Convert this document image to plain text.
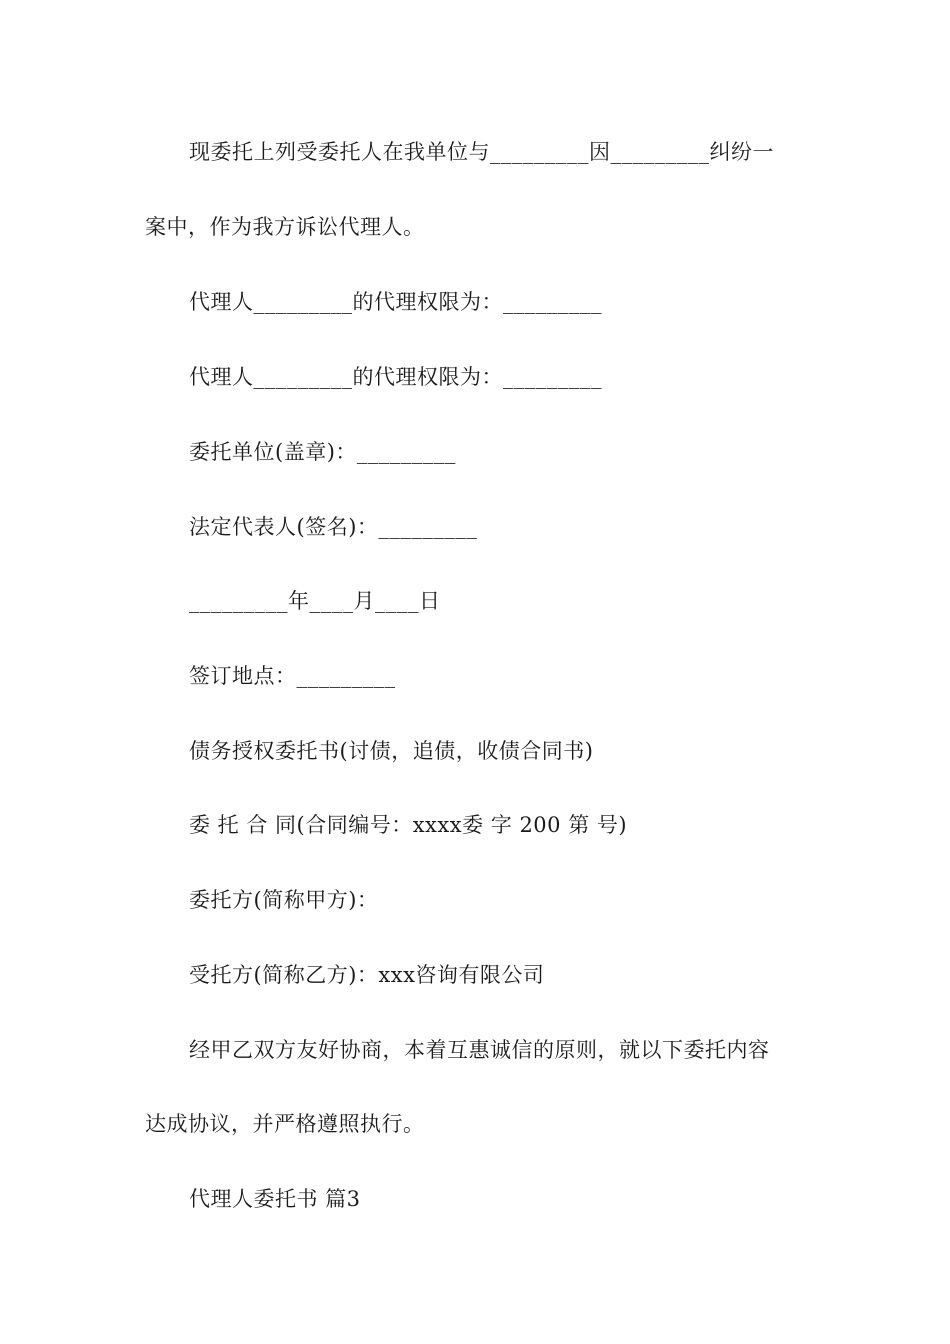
现委托上列受委托人在我单位与_________因_________纠纷一
案中，作为我方诉讼代理人。
代理人_________的代理权限为：_________
代理人_________的代理权限为：_________
委托单位(盖章)：_________
法定代表人(签名)：_________
_________年____月____日
签订地点：_________
债务授权委托书(讨债，追债，收债合同书)
委 托 合 同(合同编号：xxxx委 字 200 第 号)
委托方(简称甲方)：
受托方(简称乙方)：xxx咨询有限公司
经甲乙双方友好协商，本着互惠诚信的原则，就以下委托内容
达成协议，并严格遵照执行。
代理人委托书 篇3
